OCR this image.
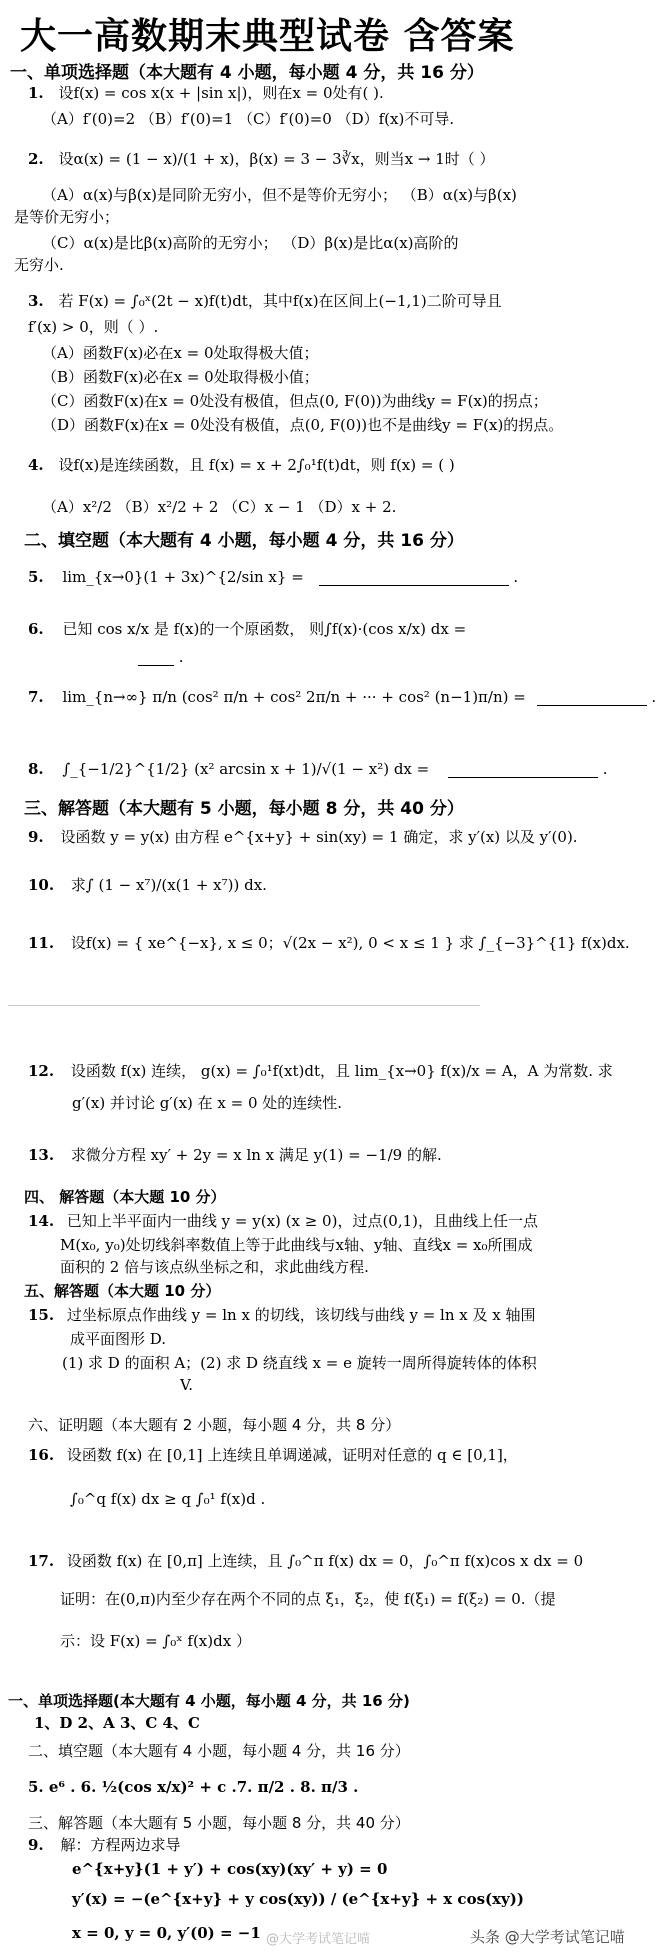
大一高数期末典型试卷 含答案
一、单项选择题（本大题有 4 小题，每小题 4 分，共 16 分）
1. 设f(x) = cos x(x + |sin x|)，则在x = 0处有( ).
（A）f′(0)=2 （B）f′(0)=1 （C）f′(0)=0 （D）f(x)不可导.
2. 设α(x) = (1 − x)/(1 + x)，β(x) = 3 − 3∛x，则当x → 1时（ ）
（A）α(x)与β(x)是同阶无穷小，但不是等价无穷小； （B）α(x)与β(x)
是等价无穷小；
（C）α(x)是比β(x)高阶的无穷小； （D）β(x)是比α(x)高阶的
无穷小.
3. 若 F(x) = ∫₀ˣ(2t − x)f(t)dt，其中f(x)在区间上(−1,1)二阶可导且
f′(x) > 0，则（ ）.
（A）函数F(x)必在x = 0处取得极大值；
（B）函数F(x)必在x = 0处取得极小值；
（C）函数F(x)在x = 0处没有极值，但点(0, F(0))为曲线y = F(x)的拐点；
（D）函数F(x)在x = 0处没有极值，点(0, F(0))也不是曲线y = F(x)的拐点。
4. 设f(x)是连续函数，且 f(x) = x + 2∫₀¹f(t)dt，则 f(x) = ( )
（A）x²/2 （B）x²/2 + 2 （C）x − 1 （D）x + 2.
二、填空题（本大题有 4 小题，每小题 4 分，共 16 分）
5. lim_{x→0}(1 + 3x)^{2/sin x} =	.
6. 已知 cos x/x 是 f(x)的一个原函数， 则∫f(x)·(cos x/x) dx =
.
7. lim_{n→∞} π/n (cos² π/n + cos² 2π/n + ··· + cos² (n−1)π/n) =	.
8. ∫_{−1/2}^{1/2} (x² arcsin x + 1)/√(1 − x²) dx =	.
三、解答题（本大题有 5 小题，每小题 8 分，共 40 分）
9. 设函数 y = y(x) 由方程 e^{x+y} + sin(xy) = 1 确定，求 y′(x) 以及 y′(0).
10. 求∫ (1 − x⁷)/(x(1 + x⁷)) dx.
11. 设f(x) = { xe^{−x}, x ≤ 0；√(2x − x²), 0 < x ≤ 1 } 求 ∫_{−3}^{1} f(x)dx.
12. 设函数 f(x) 连续， g(x) = ∫₀¹f(xt)dt，且 lim_{x→0} f(x)/x = A，A 为常数. 求
g′(x) 并讨论 g′(x) 在 x = 0 处的连续性.
13. 求微分方程 xy′ + 2y = x ln x 满足 y(1) = −1/9 的解.
四、 解答题（本大题 10 分）
14. 已知上半平面内一曲线 y = y(x) (x ≥ 0)，过点(0,1)，且曲线上任一点
M(x₀, y₀)处切线斜率数值上等于此曲线与x轴、y轴、直线x = x₀所围成
面积的 2 倍与该点纵坐标之和，求此曲线方程.
五、解答题（本大题 10 分）
15. 过坐标原点作曲线 y = ln x 的切线，该切线与曲线 y = ln x 及 x 轴围
成平面图形 D.
(1) 求 D 的面积 A；(2) 求 D 绕直线 x = e 旋转一周所得旋转体的体积
V.
六、证明题（本大题有 2 小题，每小题 4 分，共 8 分）
16. 设函数 f(x) 在 [0,1] 上连续且单调递减，证明对任意的 q ∈ [0,1]，
∫₀^q f(x) dx ≥ q ∫₀¹ f(x)d .
17. 设函数 f(x) 在 [0,π] 上连续，且 ∫₀^π f(x) dx = 0，∫₀^π f(x)cos x dx = 0
证明：在(0,π)内至少存在两个不同的点 ξ₁，ξ₂，使 f(ξ₁) = f(ξ₂) = 0.（提
示：设 F(x) = ∫₀ˣ f(x)dx ）
一、单项选择题(本大题有 4 小题，每小题 4 分，共 16 分)
1、D 2、A 3、C 4、C
二、填空题（本大题有 4 小题，每小题 4 分，共 16 分）
5. e⁶ . 6. ½(cos x/x)² + c .7. π/2 . 8. π/3 .
三、解答题（本大题有 5 小题，每小题 8 分，共 40 分）
9. 解：方程两边求导
e^{x+y}(1 + y′) + cos(xy)(xy′ + y) = 0
y′(x) = −(e^{x+y} + y cos(xy)) / (e^{x+y} + x cos(xy))
x = 0, y = 0, y′(0) = −1 @大学考试笔记喵	头条 @大学考试笔记喵
